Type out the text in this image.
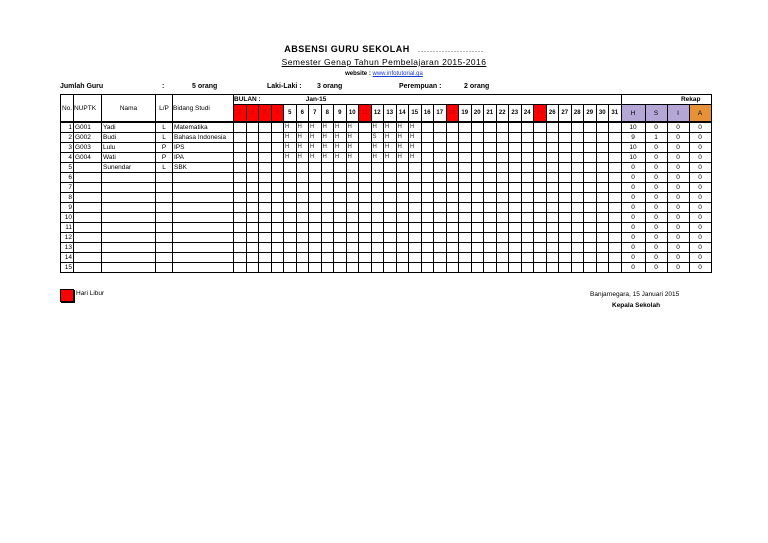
ABSENSI GURU SEKOLAH ......................
Semester Genap Tahun Pembelajaran 2015-2016
website : www.infotutorial.ga
Jumlah Guru	:	5 orang	Laki-Laki : 3 orang	Perempuan :	2 orang
No.	NUPTK	Nama	L/P	Bidang Studi	BULAN : Jan-15																															Rekap			
					1	2	3	4	5	6	7	8	9	10	11	12	13	14	15	16	17	18	19	20	21	22	23	24	25	26	27	28	29	30	31	H	S	I	A
1	G001	Yadi	L	Matematika					H	H	H	H	H	H		H	H	H	H																	10	0	0	0
2	G002	Budi	L	Bahasa Indonesia					H	H	H	H	H	H		S	H	H	H																	9	1	0	0
3	G003	Lulu	P	IPS					H	H	H	H	H	H		H	H	H	H																	10	0	0	0
4	G004	Wati	P	IPA					H	H	H	H	H	H		H	H	H	H																	10	0	0	0
5		Sunendar	L	SBK																																0	0	0	0
6																																				0	0	0	0
7																																				0	0	0	0
8																																				0	0	0	0
9																																				0	0	0	0
10																																				0	0	0	0
11																																				0	0	0	0
12																																				0	0	0	0
13																																				0	0	0	0
14																																				0	0	0	0
15																																				0	0	0	0
Hari Libur	Banjarnegara, 15 Januari 2015
Kepala Sekolah
